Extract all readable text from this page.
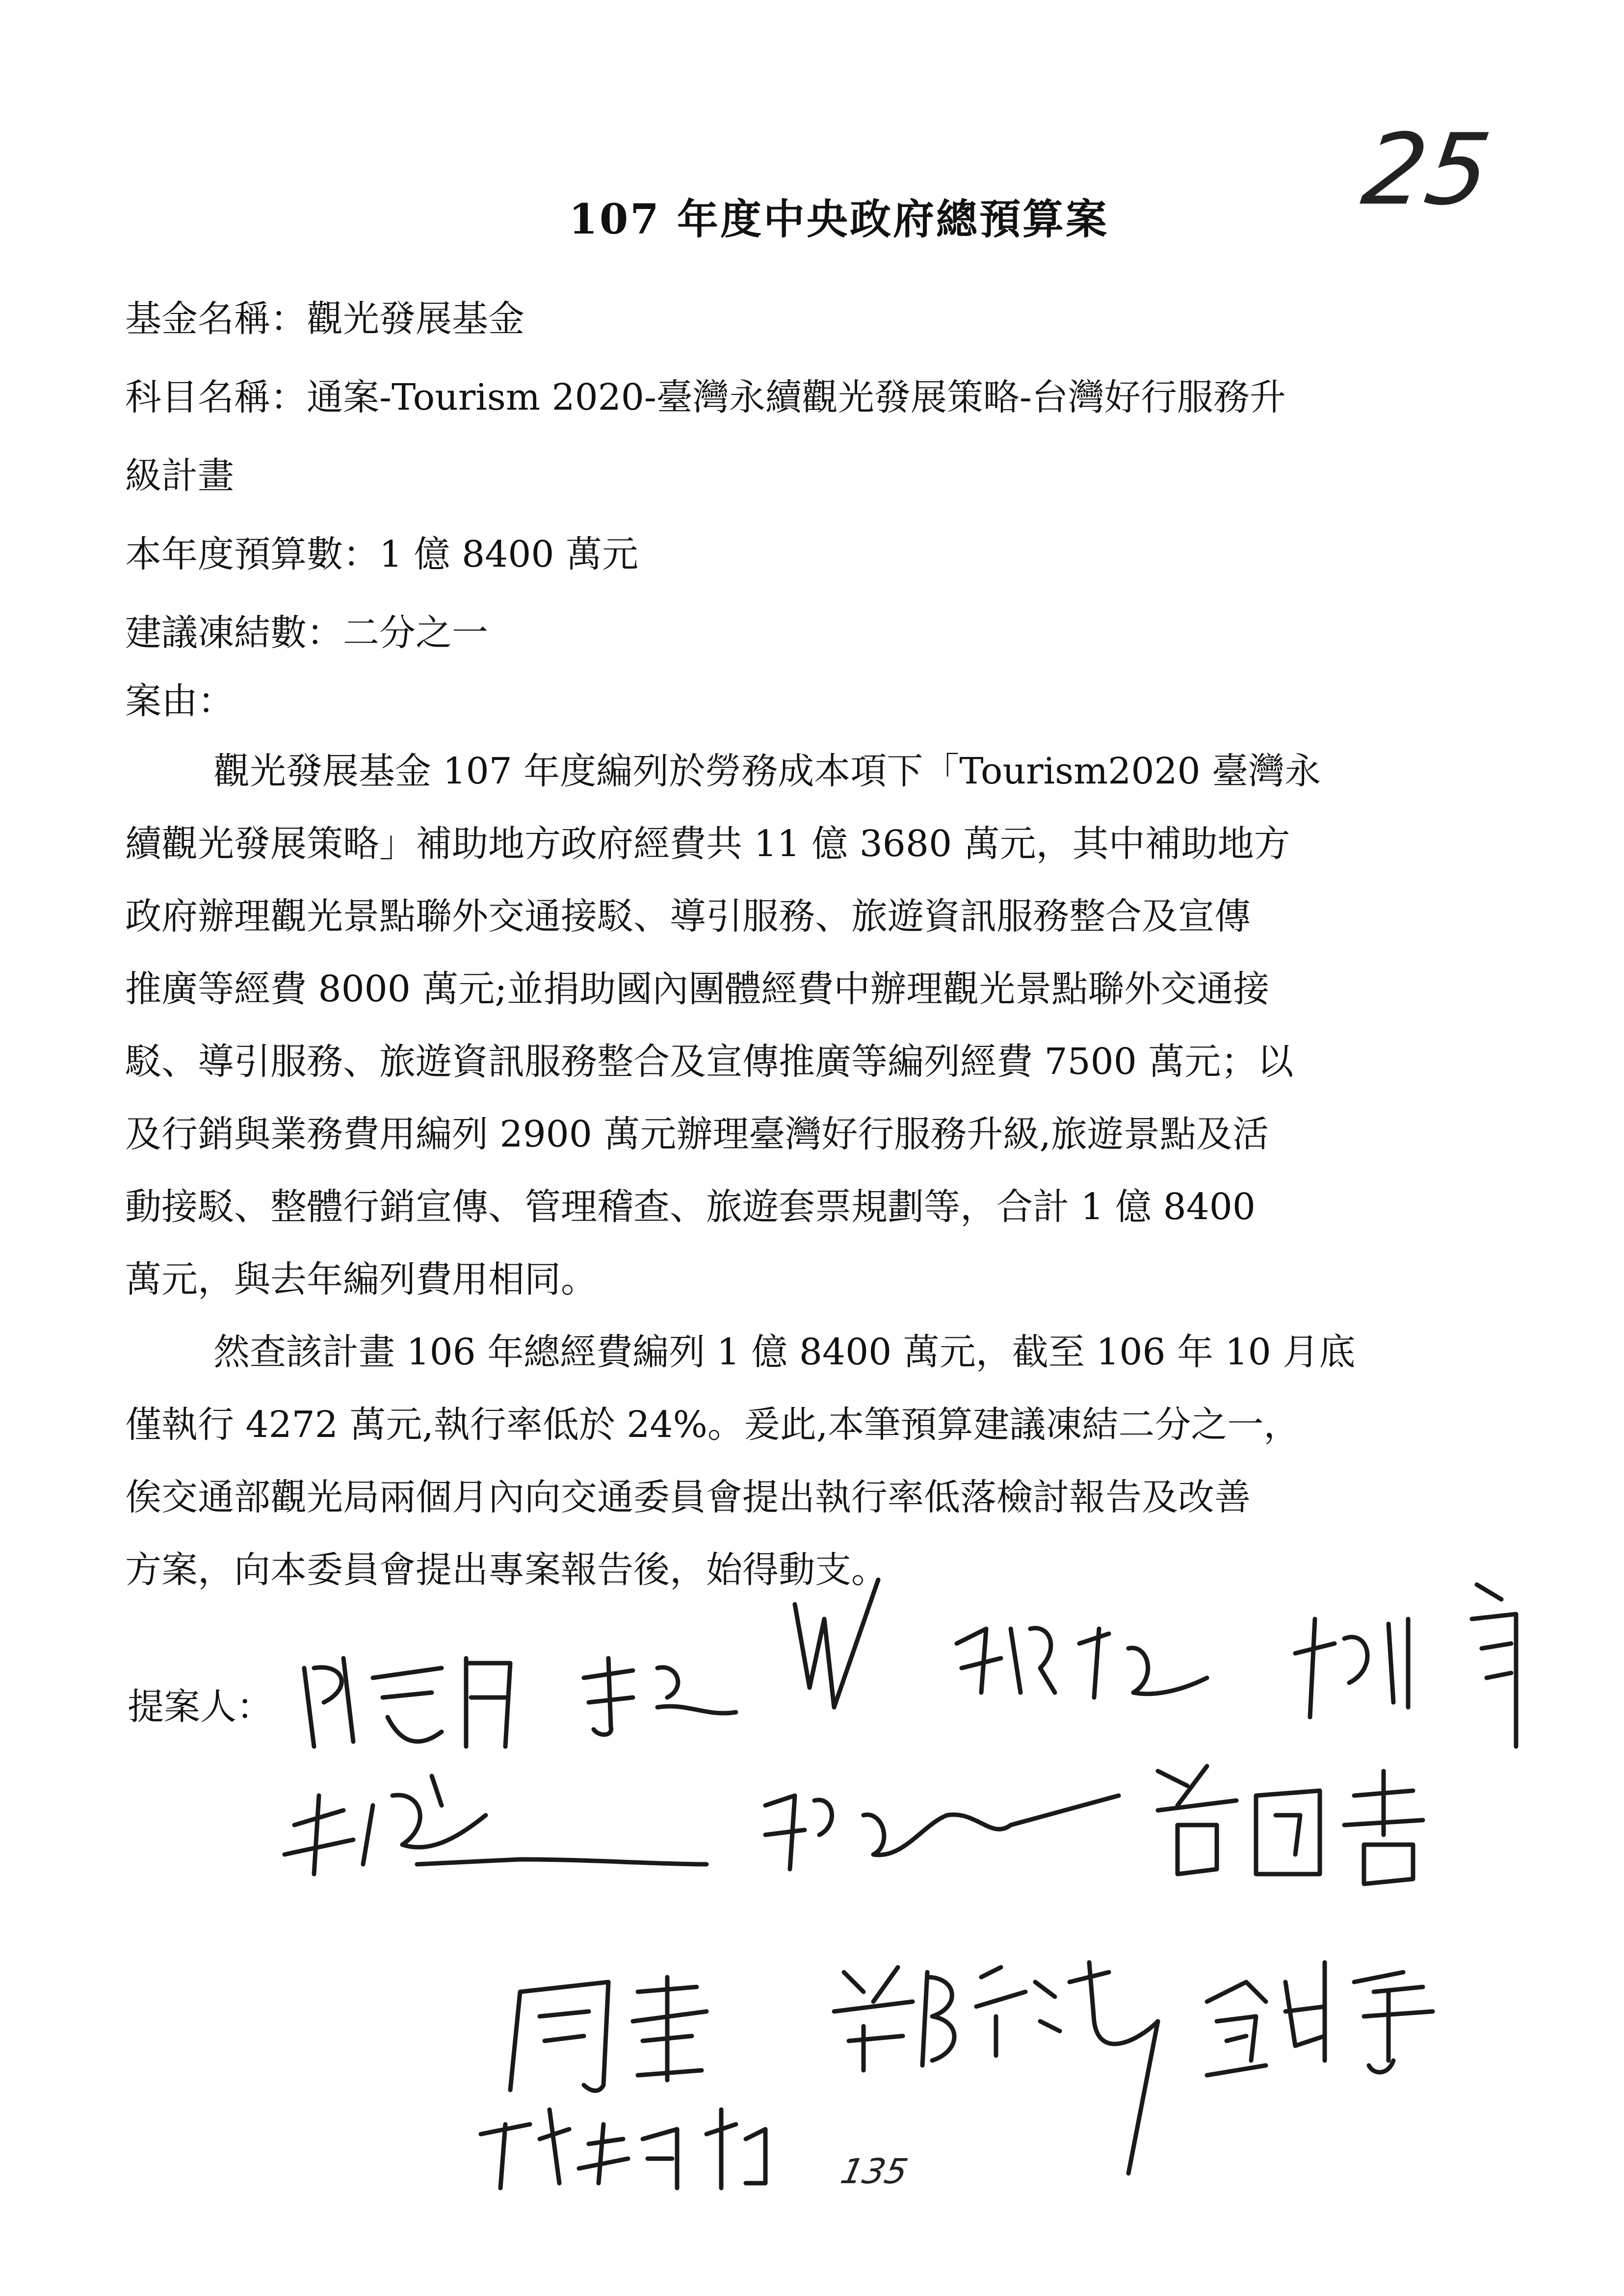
25
107 年度中央政府總預算案
基金名稱：觀光發展基金
科目名稱：通案-Tourism 2020-臺灣永續觀光發展策略-台灣好行服務升
級計畫
本年度預算數：1 億 8400 萬元
建議凍結數：二分之一
案由：
觀光發展基金 107 年度編列於勞務成本項下「Tourism2020 臺灣永
續觀光發展策略」補助地方政府經費共 11 億 3680 萬元，其中補助地方
政府辦理觀光景點聯外交通接駁、導引服務、旅遊資訊服務整合及宣傳
推廣等經費 8000 萬元;並捐助國內團體經費中辦理觀光景點聯外交通接
駁、導引服務、旅遊資訊服務整合及宣傳推廣等編列經費 7500 萬元；以
及行銷與業務費用編列 2900 萬元辦理臺灣好行服務升級,旅遊景點及活
動接駁、整體行銷宣傳、管理稽查、旅遊套票規劃等，合計 1 億 8400
萬元，與去年編列費用相同。
然查該計畫 106 年總經費編列 1 億 8400 萬元，截至 106 年 10 月底
僅執行 4272 萬元,執行率低於 24%。爰此,本筆預算建議凍結二分之一，
俟交通部觀光局兩個月內向交通委員會提出執行率低落檢討報告及改善
方案，向本委員會提出專案報告後，始得動支。
提案人：
135
